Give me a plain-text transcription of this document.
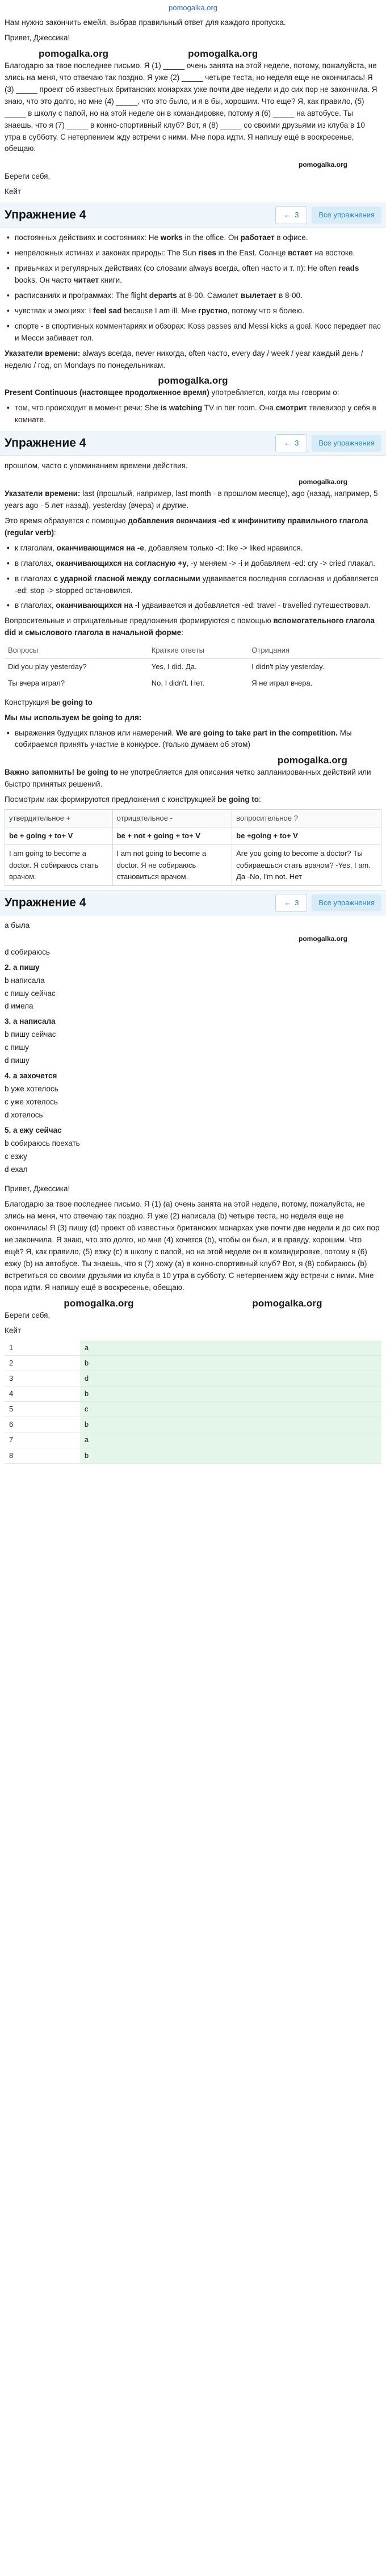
pomogalka.org

Нам нужно закончить емейл, выбрав правильный ответ для каждого пропуска.

Привет, Джессика!

pomogalka.org	pomogalka.org

Благодарю за твое последнее письмо. Я (1) _____ очень занята на этой неделе, потому, пожалуйста, не злись на меня, что отвечаю так поздно. Я уже (2) _____ четыре теста, но неделя еще не окончилась! Я (3) _____ проект об известных британских монархах уже почти две недели и до сих пор не закончила. Я знаю, что это долго, но мне (4) _____, что это было, и я в бы, хорошим. Что еще? Я, как правило, (5) _____ в школу с папой, но на этой неделе он в командировке, потому я (6) _____ на автобусе. Ты знаешь, что я (7) _____ в конно-спортивный клуб? Вот, я (8) _____ со своими друзьями из клуба в 10 утра в субботу. С нетерпением жду встречи с ними. Мне пора идти. Я напишу ещё в воскресенье, обещаю.

pomogalka.org

Береги себя,

Кейт

Упражнение 4	← 3	Все упражнения
• постоянных действиях и состояниях: He works in the office. Он работает в офисе.
• непреложных истинах и законах природы: The Sun rises in the East. Солнце встает на востоке.
• привычках и регулярных действиях (со словами always всегда, often часто и т. п): He often reads books. Он часто читает книги.
• расписаниях и программах: The flight departs at 8-00. Самолет вылетает в 8-00.
• чувствах и эмоциях: I feel sad because I am ill. Мне грустно, потому что я болею.
• спорте - в спортивных комментариях и обзорах: Koss passes and Messi kicks a goal. Косс передает пас и Месси забивает гол.

Указатели времени: always всегда, never никогда, often часто, every day / week / year каждый день / неделю / год, on Mondays по понедельникам.

pomogalka.org

Present Continuous (настоящее продолженное время) употребляется, когда мы говорим о:

• том, что происходит в момент речи: She is watching TV in her room. Она смотрит телевизор у себя в комнате.
Упражнение 4	← 3	Все упражнения

прошлом, часто с упоминанием времени действия.

pomogalka.org

Указатели времени: last (прошлый, например, last month - в прошлом месяце), ago (назад, например, 5 years ago - 5 лет назад), yesterday (вчера) и другие.

Это время образуется с помощью добавления окончания -ed к инфинитиву правильного глагола (regular verb):

• к глаголам, оканчивающимся на -е, добавляем только -d: like -> liked нравился.
• в глаголах, оканчивающихся на согласную +y, -y меняем -> -i и добавляем -ed: cry -> cried плакал.
• в глаголах с ударной гласной между согласными удваивается последняя согласная и добавляется -ed: stop -> stopped остановился.
• в глаголах, оканчивающихся на -l удваивается и добавляется -ed: travel - travelled путешествовал.

Вопросительные и отрицательные предложения формируются с помощью вспомогательного глагола did и смыслового глагола в начальной форме:

Вопросы	Краткие ответы	Отрицания
Did you play yesterday?	Yes, I did. Да.	I didn't play yesterday.
Ты вчера играл?	No, I didn't. Нет.	Я не играл вчера.

Конструкция be going to

Мы мы используем be going to для:

• выражения будущих планов или намерений. We are going to take part in the competition. Мы собираемся принять участие в конкурсе. (только думаем об этом)
pomogalka.org

Важно запомнить! be going to не употребляется для описания четко запланированных действий или быстро принятых решений.

Посмотрим как формируются предложения с конструкцией be going to:

утвердительное +	отрицательное -	вопросительное ?
be + going + to+ V	be + not + going + to+ V	be +going + to+ V
I am going to become a doctor. Я собираюсь стать врачом.	I am not going to become a doctor. Я не собираюсь становиться врачом.	Are you going to become a doctor? Ты собираешься стать врачом? -Yes, I am. Да -No, I'm not. Нет
Упражнение 4	← 3	Все упражнения
a была
pomogalka.org
d собираюсь
2. a пишу
b написала
c пишу сейчас
d имела
3. a написала
b пишу сейчас
c пишу
d пишу
4. a захочется
b уже хотелось
c уже хотелось
d хотелось
5. a ежу сейчас
b собираюсь поехать
c езжу
d ехал

Привет, Джессика!

Благодарю за твое последнее письмо. Я (1) (а) очень занята на этой неделе, потому, пожалуйста, не злись на меня, что отвечаю так поздно. Я уже (2) написала (b) четыре теста, но неделя еще не окончилась! Я (3) пишу (d) проект об известных британских монархах уже почти две недели и до сих пор не закончила. Я знаю, что это долго, но мне (4) хочется (b), чтобы он был, и в правду, хорошим. Что ещё? Я, как правило, (5) езжу (c) в школу с папой, но на этой неделе он в командировке, потому я (6) езжу (b) на автобусе. Ты знаешь, что я (7) хожу (а) в конно-спортивный клуб? Вот, я (8) собираюсь (b) встретиться со своими друзьями из клуба в 10 утра в субботу. С нетерпением жду встречи с ними. Мне пора идти. Я напишу ещё в воскресенье, обещаю.

pomogalka.org	pomogalka.org

Береги себя,

Кейт

1	a
2	b
3	d
4	b
5	c
6	b
7	a
8	b
